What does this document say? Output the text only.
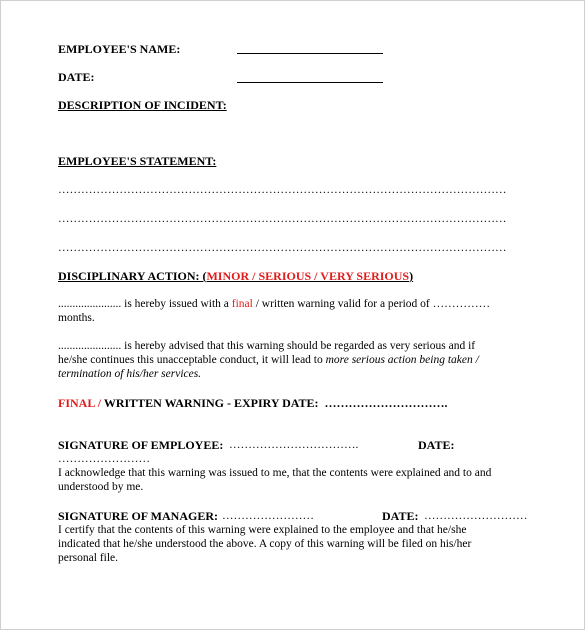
EMPLOYEE'S NAME:
DATE:
DESCRIPTION OF INCIDENT:
EMPLOYEE'S STATEMENT:
………………………………………………………………………………………………………
………………………………………………………………………………………………………
………………………………………………………………………………………………………
DISCIPLINARY ACTION: (MINOR / SERIOUS / VERY SERIOUS)
...................... is hereby issued with a final / written warning valid for a period of ……………
months.
...................... is hereby advised that this warning should be regarded as very serious and if
he/she continues this unacceptable conduct, it will lead to more serious action being taken /
termination of his/her services.
FINAL / WRITTEN WARNING - EXPIRY DATE: ………………………….
SIGNATURE OF EMPLOYEE: …………………………….	DATE:
……………………
I acknowledge that this warning was issued to me, that the contents were explained and to and
understood by me.
SIGNATURE OF MANAGER: ……………………	DATE: ………………………
I certify that the contents of this warning were explained to the employee and that he/she
indicated that he/she understood the above. A copy of this warning will be filed on his/her
personal file.
